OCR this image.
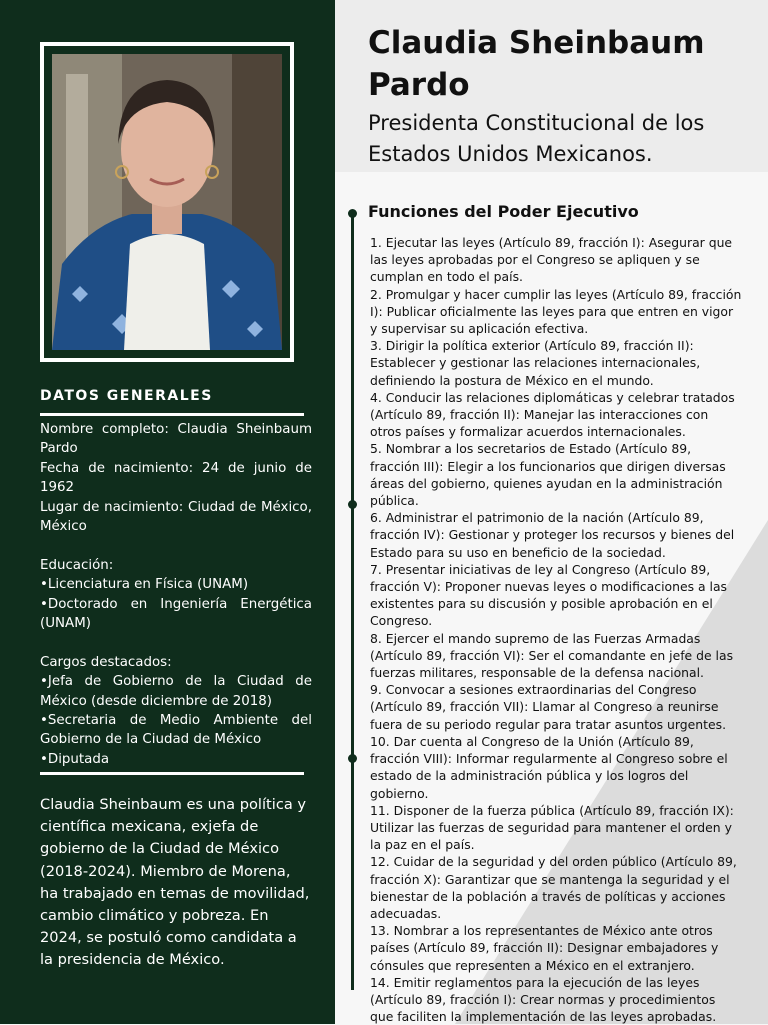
DATOS GENERALES
Nombre completo: Claudia Sheinbaum Pardo
Fecha de nacimiento: 24 de junio de 1962
Lugar de nacimiento: Ciudad de México, México
Educación:
•Licenciatura en Física (UNAM)
•Doctorado en Ingeniería Energética (UNAM)
Cargos destacados:
•Jefa de Gobierno de la Ciudad de México (desde diciembre de 2018)
•Secretaria de Medio Ambiente del Gobierno de la Ciudad de México
•Diputada
Claudia Sheinbaum es una política y científica mexicana, exjefa de gobierno de la Ciudad de México (2018-2024). Miembro de Morena, ha trabajado en temas de movilidad, cambio climático y pobreza. En 2024, se postuló como candidata a la presidencia de México.
Claudia Sheinbaum Pardo
Presidenta Constitucional de los Estados Unidos Mexicanos.
Funciones del Poder Ejecutivo
1. Ejecutar las leyes (Artículo 89, fracción I): Asegurar que las leyes aprobadas por el Congreso se apliquen y se cumplan en todo el país.
2. Promulgar y hacer cumplir las leyes (Artículo 89, fracción I): Publicar oficialmente las leyes para que entren en vigor y supervisar su aplicación efectiva.
3. Dirigir la política exterior (Artículo 89, fracción II): Establecer y gestionar las relaciones internacionales, definiendo la postura de México en el mundo.
4. Conducir las relaciones diplomáticas y celebrar tratados (Artículo 89, fracción II): Manejar las interacciones con otros países y formalizar acuerdos internacionales.
5. Nombrar a los secretarios de Estado (Artículo 89, fracción III): Elegir a los funcionarios que dirigen diversas áreas del gobierno, quienes ayudan en la administración pública.
6. Administrar el patrimonio de la nación (Artículo 89, fracción IV): Gestionar y proteger los recursos y bienes del Estado para su uso en beneficio de la sociedad.
7. Presentar iniciativas de ley al Congreso (Artículo 89, fracción V): Proponer nuevas leyes o modificaciones a las existentes para su discusión y posible aprobación en el Congreso.
8. Ejercer el mando supremo de las Fuerzas Armadas (Artículo 89, fracción VI): Ser el comandante en jefe de las fuerzas militares, responsable de la defensa nacional.
9. Convocar a sesiones extraordinarias del Congreso (Artículo 89, fracción VII): Llamar al Congreso a reunirse fuera de su periodo regular para tratar asuntos urgentes.
10. Dar cuenta al Congreso de la Unión (Artículo 89, fracción VIII): Informar regularmente al Congreso sobre el estado de la administración pública y los logros del gobierno.
11. Disponer de la fuerza pública (Artículo 89, fracción IX): Utilizar las fuerzas de seguridad para mantener el orden y la paz en el país.
12. Cuidar de la seguridad y del orden público (Artículo 89, fracción X): Garantizar que se mantenga la seguridad y el bienestar de la población a través de políticas y acciones adecuadas.
13. Nombrar a los representantes de México ante otros países (Artículo 89, fracción II): Designar embajadores y cónsules que representen a México en el extranjero.
14. Emitir reglamentos para la ejecución de las leyes (Artículo 89, fracción I): Crear normas y procedimientos que faciliten la implementación de las leyes aprobadas.
